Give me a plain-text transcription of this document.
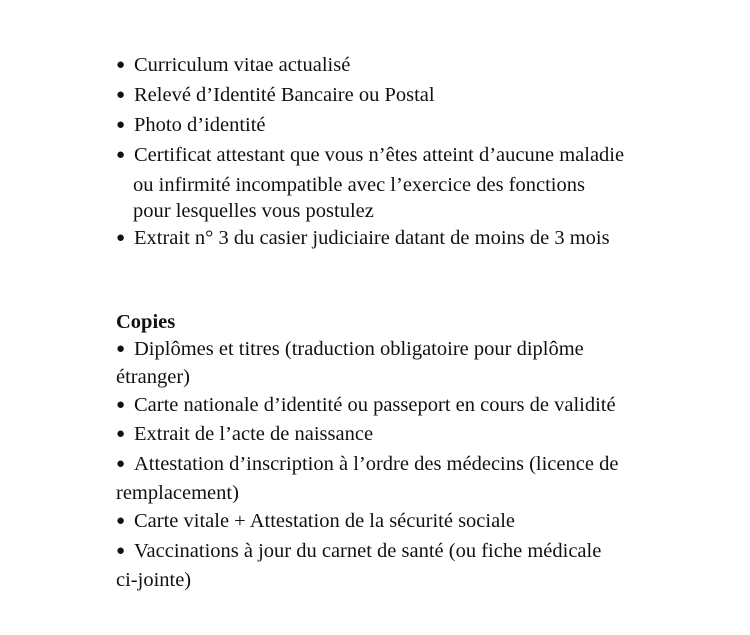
● Curriculum vitae actualisé
● Relevé d’Identité Bancaire ou Postal
● Photo d’identité
● Certificat attestant que vous n’êtes atteint d’aucune maladie
ou infirmité incompatible avec l’exercice des fonctions
pour lesquelles vous postulez
● Extrait n° 3 du casier judiciaire datant de moins de 3 mois
Copies
● Diplômes et titres (traduction obligatoire pour diplôme
étranger)
● Carte nationale d’identité ou passeport en cours de validité
● Extrait de l’acte de naissance
● Attestation d’inscription à l’ordre des médecins (licence de
remplacement)
● Carte vitale + Attestation de la sécurité sociale
● Vaccinations à jour du carnet de santé (ou fiche médicale
ci-jointe)
